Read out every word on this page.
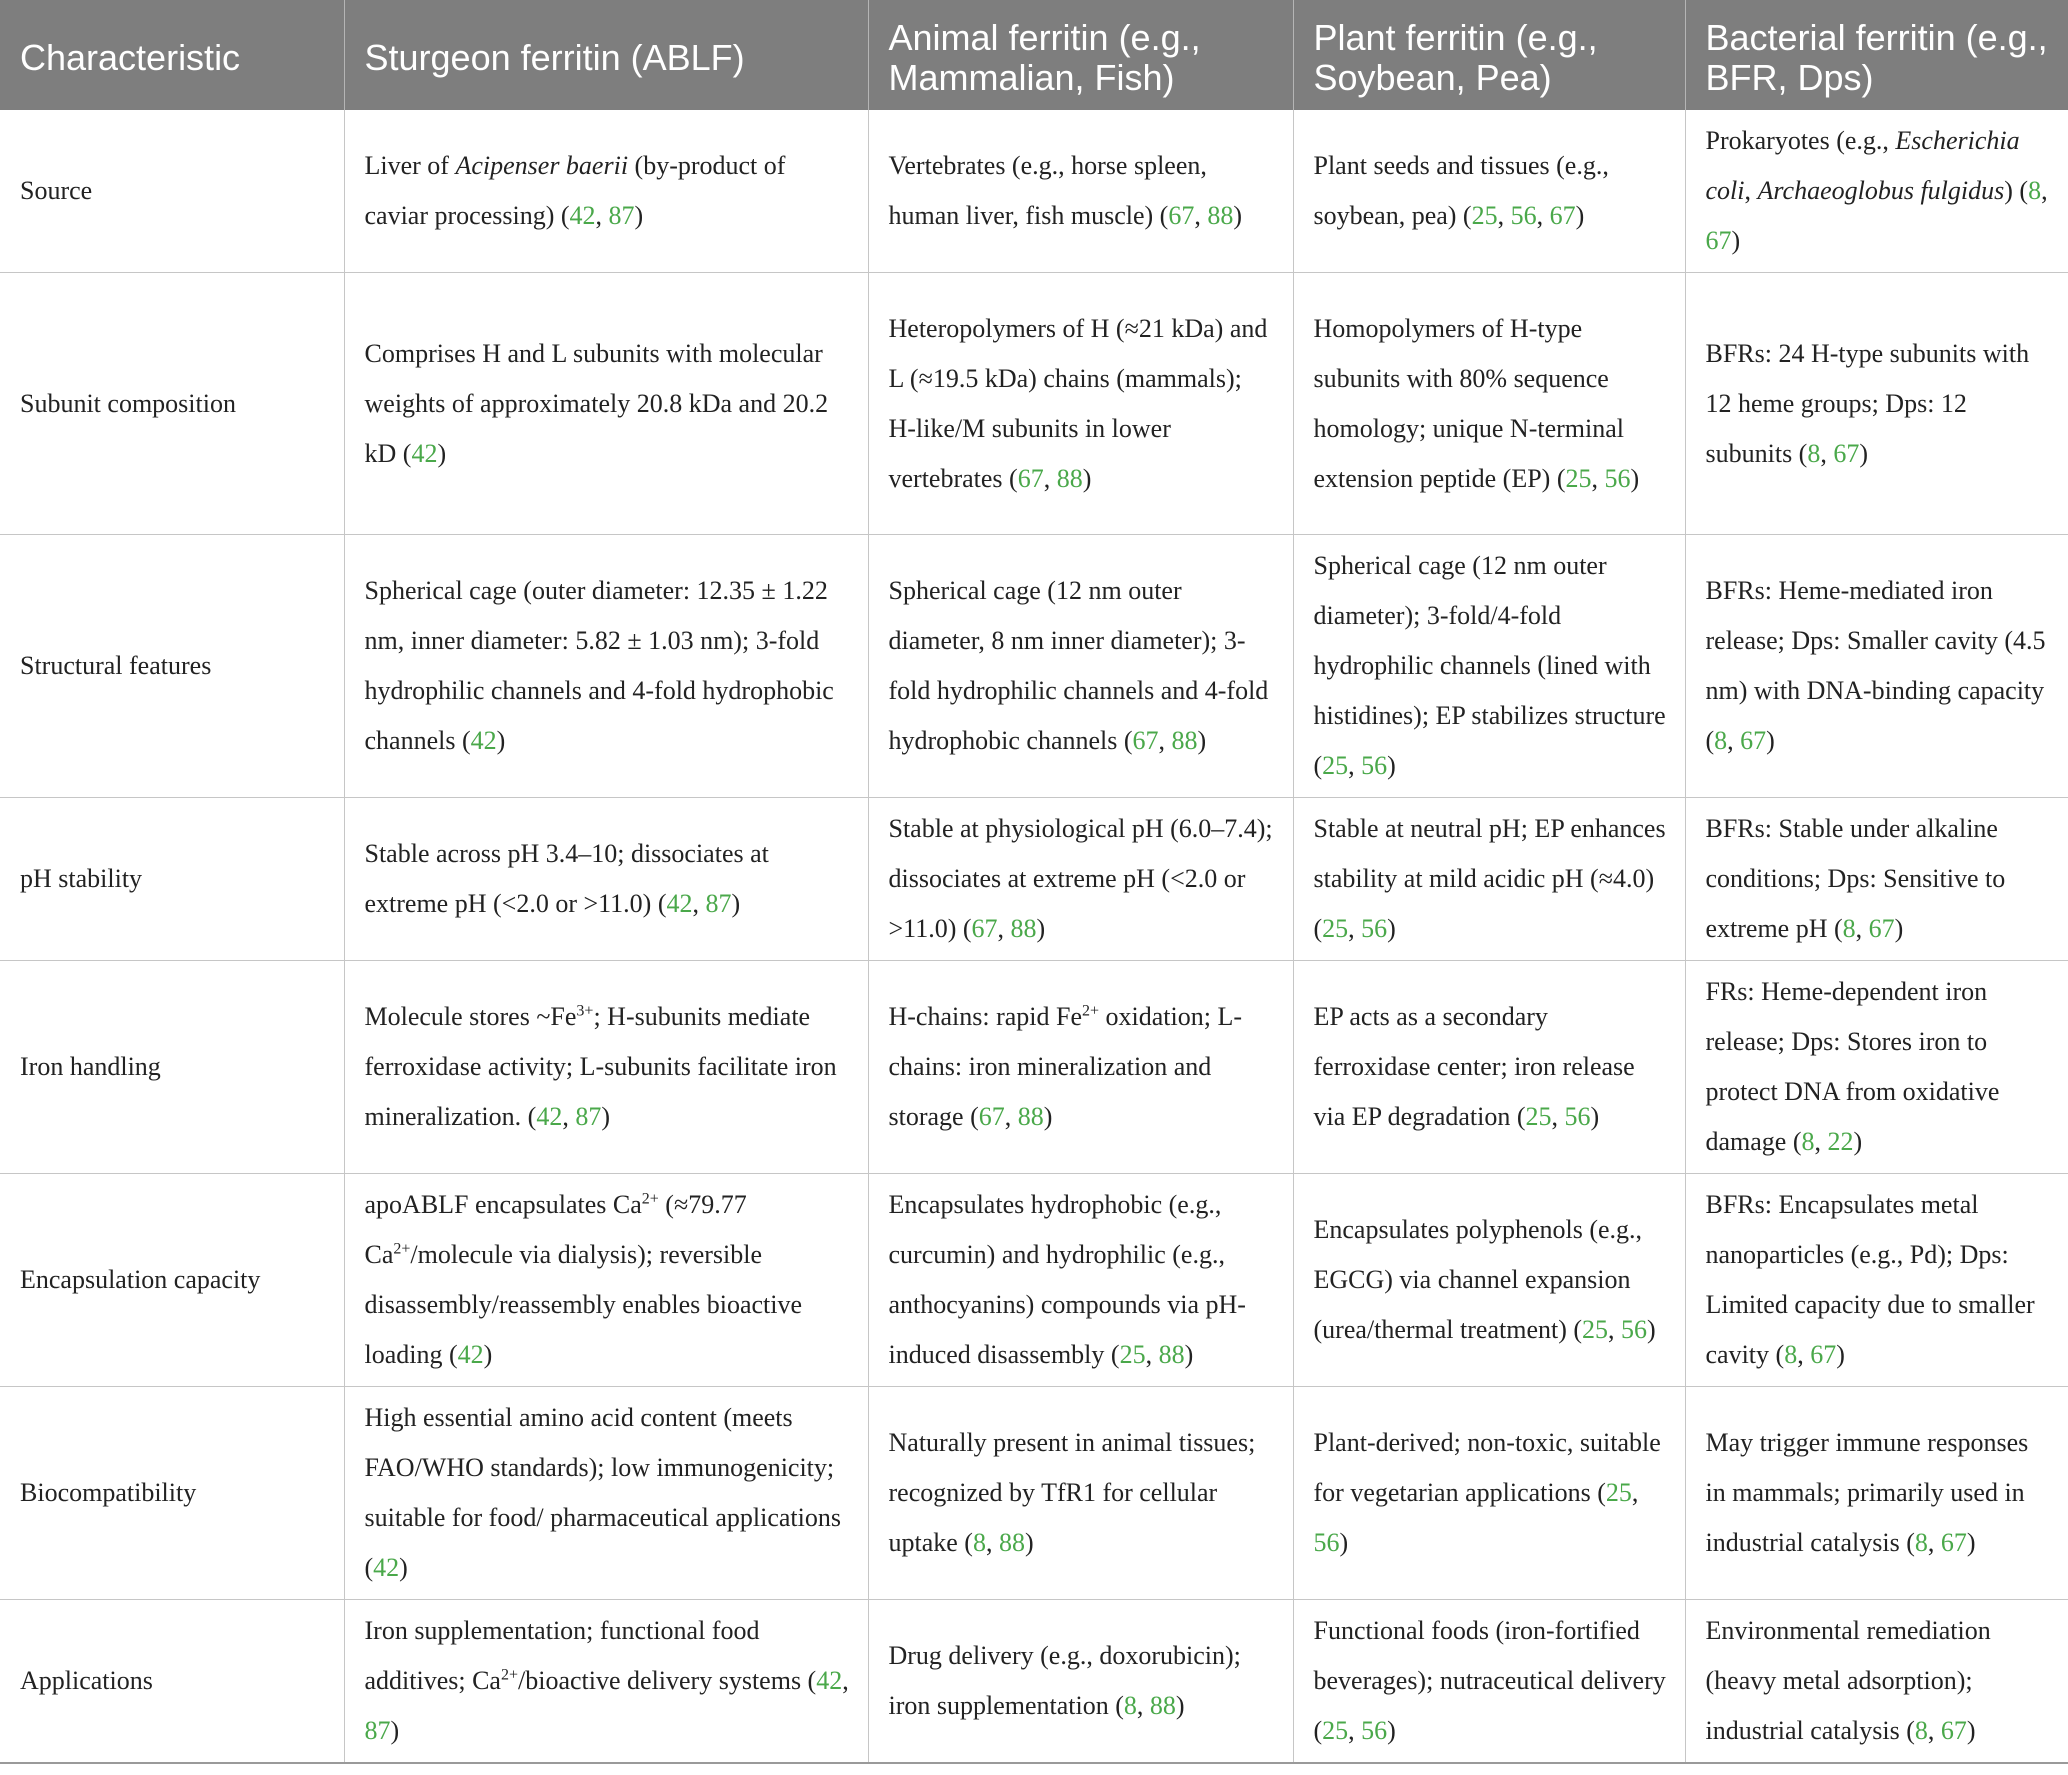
Characteristic	Sturgeon ferritin (ABLF)	Animal ferritin (e.g., Mammalian, Fish)	Plant ferritin (e.g., Soybean, Pea)	Bacterial ferritin (e.g., BFR, Dps)
Source	Liver of Acipenser baerii (by-product of caviar processing) (42, 87)	Vertebrates (e.g., horse spleen, human liver, fish muscle) (67, 88)	Plant seeds and tissues (e.g., soybean, pea) (25, 56, 67)	Prokaryotes (e.g., Escherichia coli, Archaeoglobus fulgidus) (8, 67)
Subunit composition	Comprises H and L subunits with molecular weights of approximately 20.8 kDa and 20.2 kD (42)	Heteropolymers of H (≈21 kDa) and L (≈19.5 kDa) chains (mammals); H-like/M subunits in lower vertebrates (67, 88)	Homopolymers of H-type subunits with 80% sequence homology; unique N-terminal extension peptide (EP) (25, 56)	BFRs: 24 H-type subunits with 12 heme groups; Dps: 12 subunits (8, 67)
Structural features	Spherical cage (outer diameter: 12.35 ± 1.22 nm, inner diameter: 5.82 ± 1.03 nm); 3-fold hydrophilic channels and 4-fold hydrophobic channels (42)	Spherical cage (12 nm outer diameter, 8 nm inner diameter); 3-fold hydrophilic channels and 4-fold hydrophobic channels (67, 88)	Spherical cage (12 nm outer diameter); 3-fold/4-fold hydrophilic channels (lined with histidines); EP stabilizes structure (25, 56)	BFRs: Heme-mediated iron release; Dps: Smaller cavity (4.5 nm) with DNA-binding capacity (8, 67)
pH stability	Stable across pH 3.4–10; dissociates at extreme pH (<2.0 or >11.0) (42, 87)	Stable at physiological pH (6.0–7.4); dissociates at extreme pH (<2.0 or >11.0) (67, 88)	Stable at neutral pH; EP enhances stability at mild acidic pH (≈4.0) (25, 56)	BFRs: Stable under alkaline conditions; Dps: Sensitive to extreme pH (8, 67)
Iron handling	Molecule stores $\sim Fe^{3+}$; H-subunits mediate ferroxidase activity; L-subunits facilitate iron mineralization. (42, 87)	H-chains: rapid $Fe^{2+}$ oxidation; L-chains: iron mineralization and storage (67, 88)	EP acts as a secondary ferroxidase center; iron release via EP degradation (25, 56)	FRs: Heme-dependent iron release; Dps: Stores iron to protect DNA from oxidative damage (8, 22)
Encapsulation capacity	apoABLF encapsulates $Ca^{2+}$ (≈79.77 $Ca^{2+}$/molecule via dialysis); reversible disassembly/reassembly enables bioactive loading (42)	Encapsulates hydrophobic (e.g., curcumin) and hydrophilic (e.g., anthocyanins) compounds via pH-induced disassembly (25, 88)	Encapsulates polyphenols (e.g., EGCG) via channel expansion (urea/thermal treatment) (25, 56)	BFRs: Encapsulates metal nanoparticles (e.g., Pd); Dps: Limited capacity due to smaller cavity (8, 67)
Biocompatibility	High essential amino acid content (meets FAO/WHO standards); low immunogenicity; suitable for food/ pharmaceutical applications (42)	Naturally present in animal tissues; recognized by TfR1 for cellular uptake (8, 88)	Plant-derived; non-toxic, suitable for vegetarian applications (25, 56)	May trigger immune responses in mammals; primarily used in industrial catalysis (8, 67)
Applications	Iron supplementation; functional food additives; $Ca^{2+}$/bioactive delivery systems (42, 87)	Drug delivery (e.g., doxorubicin); iron supplementation (8, 88)	Functional foods (iron-fortified beverages); nutraceutical delivery (25, 56)	Environmental remediation (heavy metal adsorption); industrial catalysis (8, 67)
